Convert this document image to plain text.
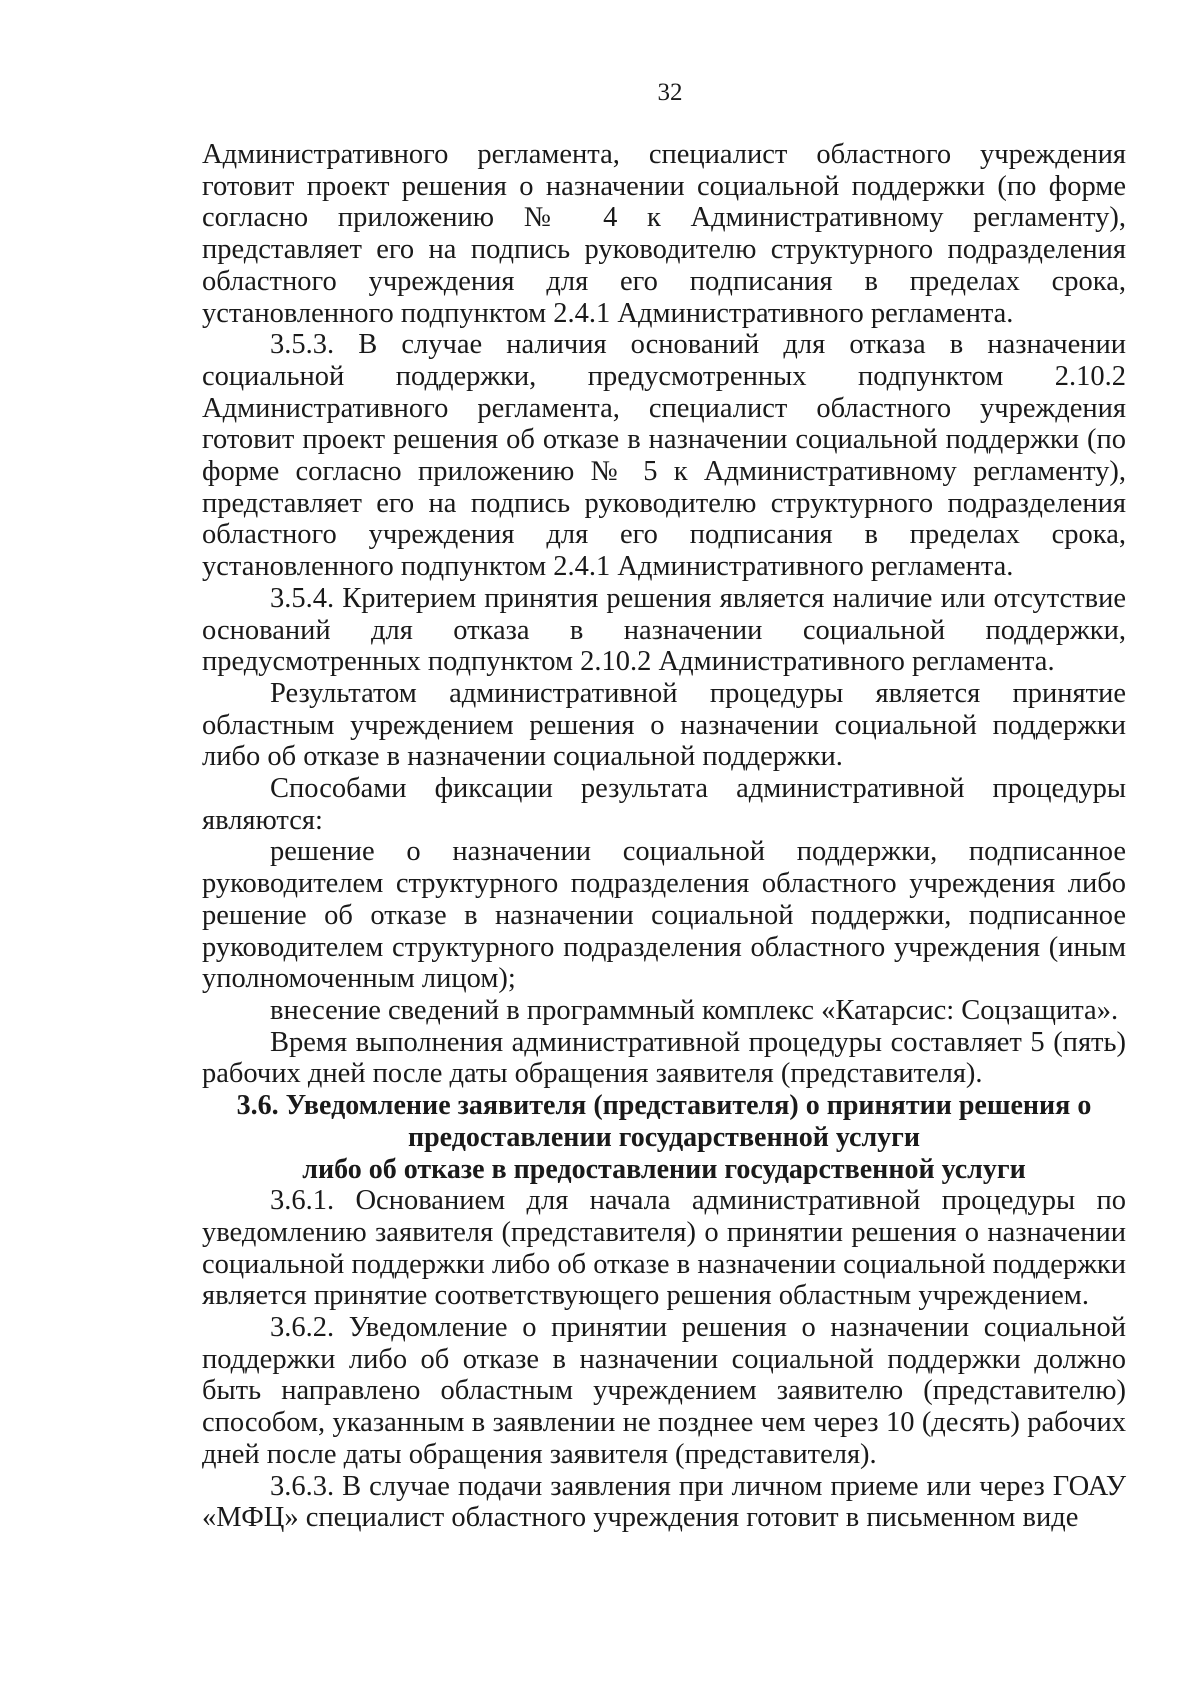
32

Административного регламента, специалист областного учреждения готовит проект решения о назначении социальной поддержки (по форме согласно приложению № 4 к Административному регламенту), представляет его на подпись руководителю структурного подразделения областного учреждения для его подписания в пределах срока, установленного подпунктом 2.4.1 Административного регламента.

3.5.3. В случае наличия оснований для отказа в назначении социальной поддержки, предусмотренных подпунктом 2.10.2 Административного регламента, специалист областного учреждения готовит проект решения об отказе в назначении социальной поддержки (по форме согласно приложению № 5 к Административному регламенту), представляет его на подпись руководителю структурного подразделения областного учреждения для его подписания в пределах срока, установленного подпунктом 2.4.1 Административного регламента.

3.5.4. Критерием принятия решения является наличие или отсутствие оснований для отказа в назначении социальной поддержки, предусмотренных подпунктом 2.10.2 Административного регламента.

Результатом административной процедуры является принятие областным учреждением решения о назначении социальной поддержки либо об отказе в назначении социальной поддержки.

Способами фиксации результата административной процедуры являются:

решение о назначении социальной поддержки, подписанное руководителем структурного подразделения областного учреждения либо решение об отказе в назначении социальной поддержки, подписанное руководителем структурного подразделения областного учреждения (иным уполномоченным лицом);

внесение сведений в программный комплекс «Катарсис: Соцзащита».

Время выполнения административной процедуры составляет 5 (пять) рабочих дней после даты обращения заявителя (представителя).

3.6. Уведомление заявителя (представителя) о принятии решения о
предоставлении государственной услуги
либо об отказе в предоставлении государственной услуги

3.6.1. Основанием для начала административной процедуры по уведомлению заявителя (представителя) о принятии решения о назначении социальной поддержки либо об отказе в назначении социальной поддержки является принятие соответствующего решения областным учреждением.

3.6.2. Уведомление о принятии решения о назначении социальной поддержки либо об отказе в назначении социальной поддержки должно быть направлено областным учреждением заявителю (представителю) способом, указанным в заявлении не позднее чем через 10 (десять) рабочих дней после даты обращения заявителя (представителя).

3.6.3. В случае подачи заявления при личном приеме или через ГОАУ «МФЦ» специалист областного учреждения готовит в письменном виде
